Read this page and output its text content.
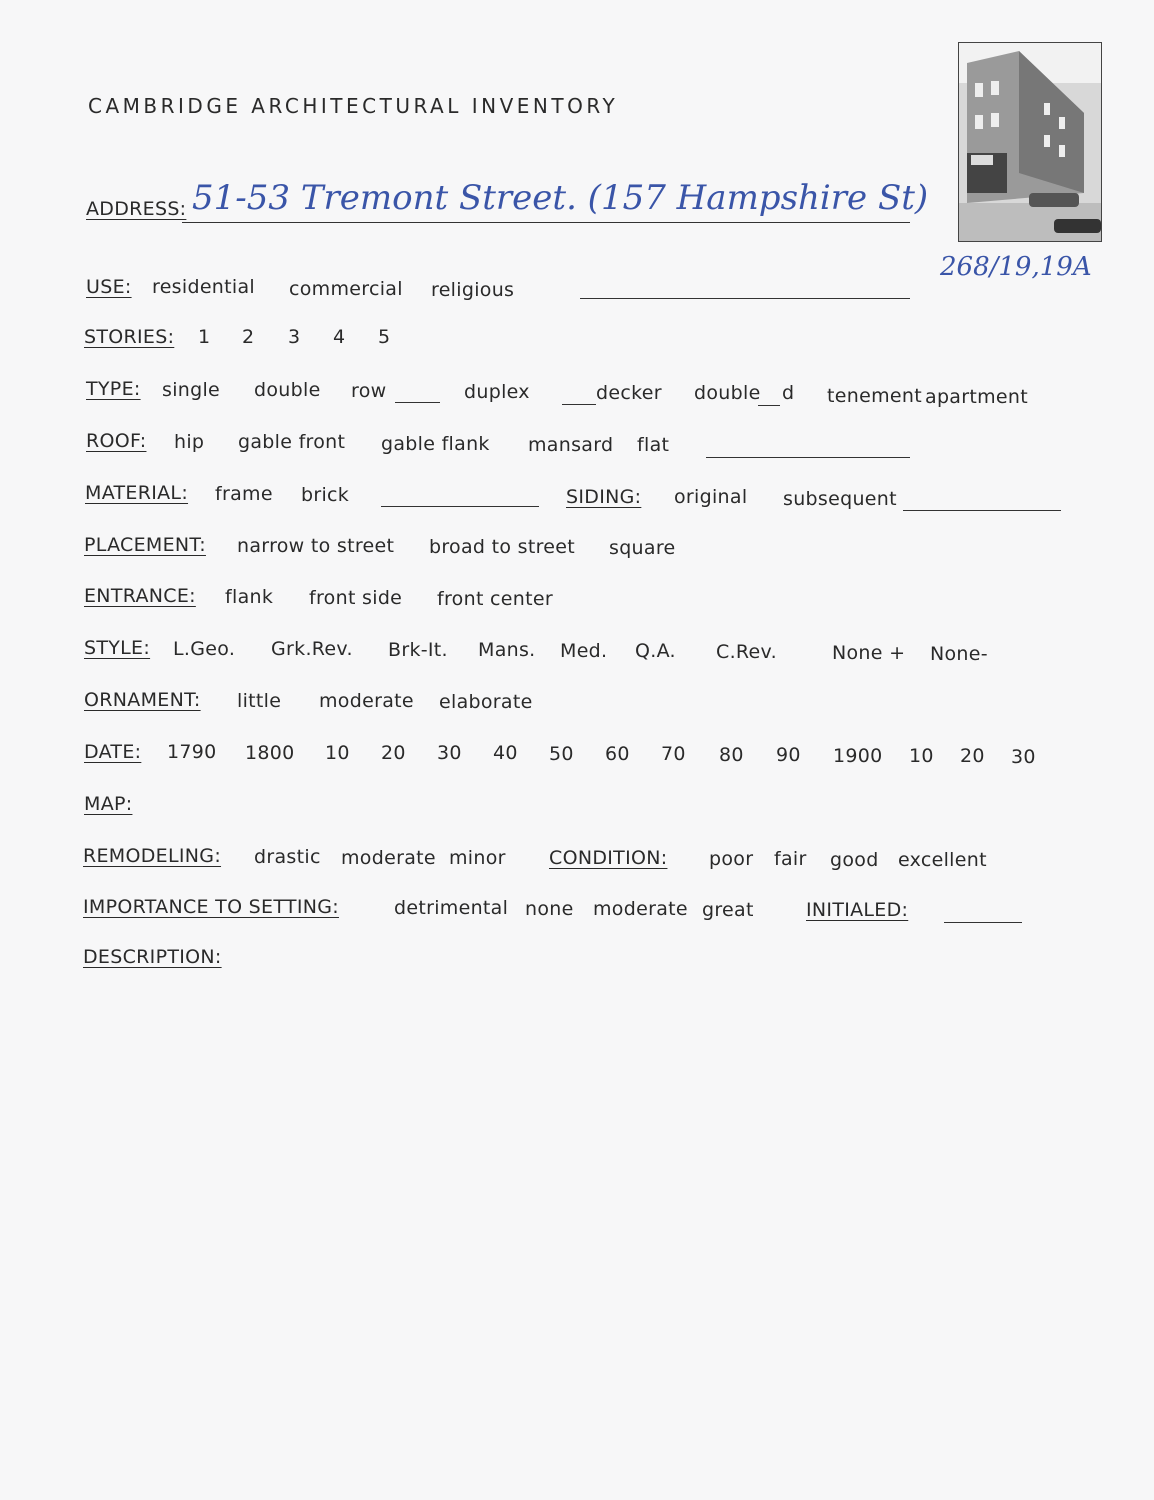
CAMBRIDGE ARCHITECTURAL INVENTORY
ADDRESS: 51-53 Tremont Street. (157 Hampshire St)
268/19,19A
USE: residential commercial religious
STORIES: 1 2 3 4 5
TYPE: single double row	duplex	decker double d tenement apartment
ROOF: hip gable front gable flank mansard flat
MATERIAL: frame brick	SIDING: original subsequent
PLACEMENT: narrow to street broad to street square
ENTRANCE: flank front side front center
STYLE: L.Geo. Grk.Rev. Brk-It. Mans. Med. Q.A. C.Rev.	None + None-
ORNAMENT: little moderate elaborate
DATE: 1790 1800 10 20 30 40 50 60 70 80 90 1900 10 20 30
MAP:
REMODELING: drastic moderate minor CONDITION: poor fair good excellent
IMPORTANCE TO SETTING:	detrimental none moderate great	INITIALED:
DESCRIPTION:
